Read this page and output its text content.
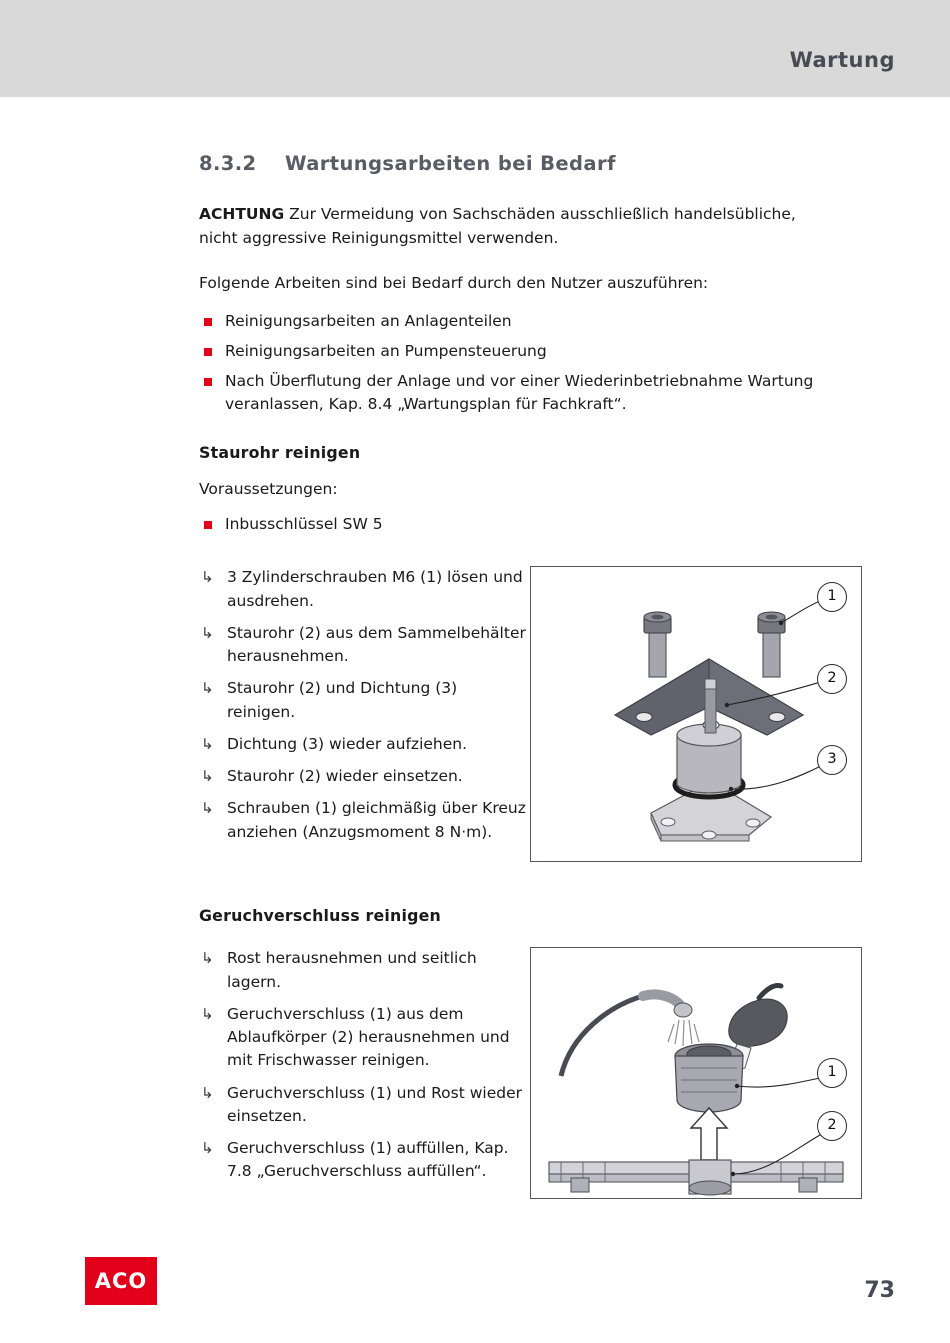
Wartung
8.3.2	Wartungsarbeiten bei Bedarf

ACHTUNG Zur Vermeidung von Sachschäden ausschließlich handelsübliche, nicht aggressive Reinigungsmittel verwenden.

Folgende Arbeiten sind bei Bedarf durch den Nutzer auszuführen:

Reinigungsarbeiten an Anlagenteilen
Reinigungsarbeiten an Pumpensteuerung
Nach Überflutung der Anlage und vor einer Wiederinbetriebnahme Wartung veranlassen, Kap. 8.4 „Wartungsplan für Fachkraft“.
Staurohr reinigen

Voraussetzungen:

Inbusschlüssel SW 5
↳ 3 Zylinderschrauben M6 (1) lösen und ausdrehen.
↳ Staurohr (2) aus dem Sammelbehälter herausnehmen.
↳ Staurohr (2) und Dichtung (3) reinigen.
↳ Dichtung (3) wieder aufziehen.
↳ Staurohr (2) wieder einsetzen.
↳ Schrauben (1) gleichmäßig über Kreuz anziehen (Anzugsmoment 8 N·m).
1
2
3
Geruchverschluss reinigen
↳ Rost herausnehmen und seitlich lagern.
↳ Geruchverschluss (1) aus dem Ablaufkörper (2) herausnehmen und mit Frischwasser reinigen.
↳ Geruchverschluss (1) und Rost wieder einsetzen.
↳ Geruchverschluss (1) auffüllen, Kap. 7.8 „Geruchverschluss auffüllen“.
1
2
ACO	73
